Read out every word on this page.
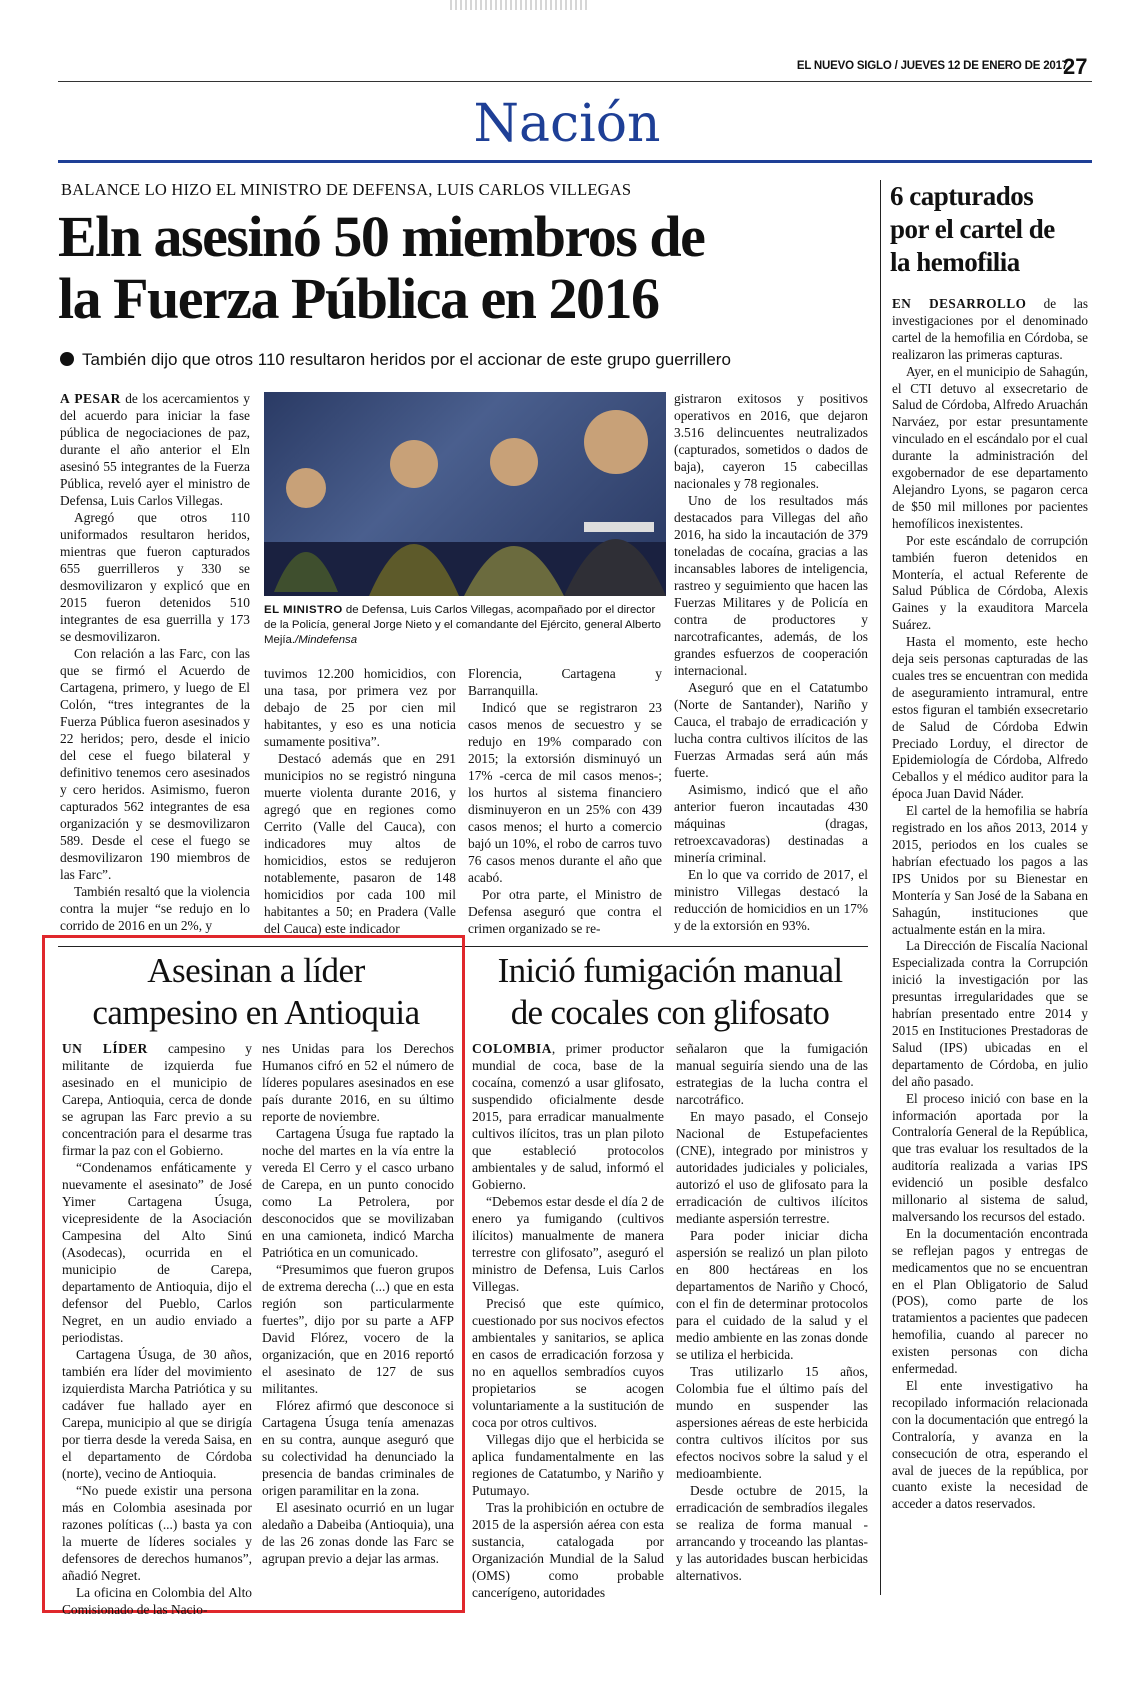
EL NUEVO SIGLO / JUEVES 12 DE ENERO DE 2017
27
Nación
BALANCE LO HIZO EL MINISTRO DE DEFENSA, LUIS CARLOS VILLEGAS
Eln asesinó 50 miembros de
la Fuerza Pública en 2016
También dijo que otros 110 resultaron heridos por el accionar de este grupo guerrillero

A PESAR de los acercamientos y del acuerdo para iniciar la fase pública de negociaciones de paz, durante el año anterior el Eln asesinó 55 integrantes de la Fuerza Pública, reveló ayer el ministro de Defensa, Luis Carlos Villegas.

Agregó que otros 110 uniformados resultaron heridos, mientras que fueron capturados 655 guerrilleros y 330 se desmovilizaron y explicó que en 2015 fueron detenidos 510 integrantes de esa guerrilla y 173 se desmovilizaron.

Con relación a las Farc, con las que se firmó el Acuerdo de Cartagena, primero, y luego de El Colón, “tres integrantes de la Fuerza Pública fueron asesinados y 22 heridos; pero, desde el inicio del cese el fuego bilateral y definitivo tenemos cero asesinados y cero heridos. Asimismo, fueron capturados 562 integrantes de esa organización y se desmovilizaron 589. Desde el cese el fuego se desmovilizaron 190 miembros de las Farc”.

También resaltó que la violencia contra la mujer “se redujo en lo corrido de 2016 en un 2%, y

EL MINISTRO de Defensa, Luis Carlos Villegas, acompañado por el director de la Policía, general Jorge Nieto y el comandante del Ejército, general Alberto Mejía./Mindefensa

tuvimos 12.200 homicidios, con una tasa, por primera vez por debajo de 25 por cien mil habitantes, y eso es una noticia sumamente positiva”.

Destacó además que en 291 municipios no se registró ninguna muerte violenta durante 2016, y agregó que en regiones como Cerrito (Valle del Cauca), con indicadores muy altos de homicidios, estos se redujeron notablemente, pasaron de 148 homicidios por cada 100 mil habitantes a 50; en Pradera (Valle del Cauca) este indicador

Florencia, Cartagena y Barranquilla.

Indicó que se registraron 23 casos menos de secuestro y se redujo en 19% comparado con 2015; la extorsión disminuyó un 17% -cerca de mil casos menos-; los hurtos al sistema financiero disminuyeron en un 25% con 439 casos menos; el hurto a comercio bajó un 10%, el robo de carros tuvo 76 casos menos durante el año que acabó.

Por otra parte, el Ministro de Defensa aseguró que contra el crimen organizado se re-

gistraron exitosos y positivos operativos en 2016, que dejaron 3.516 delincuentes neutralizados (capturados, sometidos o dados de baja), cayeron 15 cabecillas nacionales y 78 regionales.

Uno de los resultados más destacados para Villegas del año 2016, ha sido la incautación de 379 toneladas de cocaína, gracias a las incansables labores de inteligencia, rastreo y seguimiento que hacen las Fuerzas Militares y de Policía en contra de productores y narcotraficantes, además, de los grandes esfuerzos de cooperación internacional.

Aseguró que en el Catatumbo (Norte de Santander), Nariño y Cauca, el trabajo de erradicación y lucha contra cultivos ilícitos de las Fuerzas Armadas será aún más fuerte.

Asimismo, indicó que el año anterior fueron incautadas 430 máquinas (dragas, retroexcavadoras) destinadas a minería criminal.

En lo que va corrido de 2017, el ministro Villegas destacó la reducción de homicidios en un 17% y de la extorsión en 93%.

6 capturados
por el cartel de
la hemofilia

EN DESARROLLO de las investigaciones por el denominado cartel de la hemofilia en Córdoba, se realizaron las primeras capturas.

Ayer, en el municipio de Sahagún, el CTI detuvo al exsecretario de Salud de Córdoba, Alfredo Aruachán Narváez, por estar presuntamente vinculado en el escándalo por el cual durante la administración del exgobernador de ese departamento Alejandro Lyons, se pagaron cerca de $50 mil millones por pacientes hemofílicos inexistentes.

Por este escándalo de corrupción también fueron detenidos en Montería, el actual Referente de Salud Pública de Córdoba, Alexis Gaines y la exauditora Marcela Suárez.

Hasta el momento, este hecho deja seis personas capturadas de las cuales tres se encuentran con medida de aseguramiento intramural, entre estos figuran el también exsecretario de Salud de Córdoba Edwin Preciado Lorduy, el director de Epidemiología de Córdoba, Alfredo Ceballos y el médico auditor para la época Juan David Náder.

El cartel de la hemofilia se habría registrado en los años 2013, 2014 y 2015, periodos en los cuales se habrían efectuado los pagos a las IPS Unidos por su Bienestar en Montería y San José de la Sabana en Sahagún, instituciones que actualmente están en la mira.

La Dirección de Fiscalía Nacional Especializada contra la Corrupción inició la investigación por las presuntas irregularidades que se habrían presentado entre 2014 y 2015 en Instituciones Prestadoras de Salud (IPS) ubicadas en el departamento de Córdoba, en julio del año pasado.

El proceso inició con base en la información aportada por la Contraloría General de la República, que tras evaluar los resultados de la auditoría realizada a varias IPS evidenció un posible desfalco millonario al sistema de salud, malversando los recursos del estado.

En la documentación encontrada se reflejan pagos y entregas de medicamentos que no se encuentran en el Plan Obligatorio de Salud (POS), como parte de los tratamientos a pacientes que padecen hemofilia, cuando al parecer no existen personas con dicha enfermedad.

El ente investigativo ha recopilado información relacionada con la documentación que entregó la Contraloría, y avanza en la consecución de otra, esperando el aval de jueces de la república, por cuanto existe la necesidad de acceder a datos reservados.

Asesinan a líder
campesino en Antioquia

UN LÍDER campesino y militante de izquierda fue asesinado en el municipio de Carepa, Antioquia, cerca de donde se agrupan las Farc previo a su concentración para el desarme tras firmar la paz con el Gobierno.

“Condenamos enfáticamente y nuevamente el asesinato” de José Yimer Cartagena Úsuga, vicepresidente de la Asociación Campesina del Alto Sinú (Asodecas), ocurrida en el municipio de Carepa, departamento de Antioquia, dijo el defensor del Pueblo, Carlos Negret, en un audio enviado a periodistas.

Cartagena Úsuga, de 30 años, también era líder del movimiento izquierdista Marcha Patriótica y su cadáver fue hallado ayer en Carepa, municipio al que se dirigía por tierra desde la vereda Saisa, en el departamento de Córdoba (norte), vecino de Antioquia.

“No puede existir una persona más en Colombia asesinada por razones políticas (...) basta ya con la muerte de líderes sociales y defensores de derechos humanos”, añadió Negret.

La oficina en Colombia del Alto Comisionado de las Nacio-

nes Unidas para los Derechos Humanos cifró en 52 el número de líderes populares asesinados en ese país durante 2016, en su último reporte de noviembre.

Cartagena Úsuga fue raptado la noche del martes en la vía entre la vereda El Cerro y el casco urbano de Carepa, en un punto conocido como La Petrolera, por desconocidos que se movilizaban en una camioneta, indicó Marcha Patriótica en un comunicado.

“Presumimos que fueron grupos de extrema derecha (...) que en esta región son particularmente fuertes”, dijo por su parte a AFP David Flórez, vocero de la organización, que en 2016 reportó el asesinato de 127 de sus militantes.

Flórez afirmó que desconoce si Cartagena Úsuga tenía amenazas en su contra, aunque aseguró que su colectividad ha denunciado la presencia de bandas criminales de origen paramilitar en la zona.

El asesinato ocurrió en un lugar aledaño a Dabeiba (Antioquia), una de las 26 zonas donde las Farc se agrupan previo a dejar las armas.

Inició fumigación manual
de cocales con glifosato

COLOMBIA, primer productor mundial de coca, base de la cocaína, comenzó a usar glifosato, suspendido oficialmente desde 2015, para erradicar manualmente cultivos ilícitos, tras un plan piloto que estableció protocolos ambientales y de salud, informó el Gobierno.

“Debemos estar desde el día 2 de enero ya fumigando (cultivos ilícitos) manualmente de manera terrestre con glifosato”, aseguró el ministro de Defensa, Luis Carlos Villegas.

Precisó que este químico, cuestionado por sus nocivos efectos ambientales y sanitarios, se aplica en casos de erradicación forzosa y no en aquellos sembradíos cuyos propietarios se acogen voluntariamente a la sustitución de coca por otros cultivos.

Villegas dijo que el herbicida se aplica fundamentalmente en las regiones de Catatumbo, y Nariño y Putumayo.

Tras la prohibición en octubre de 2015 de la aspersión aérea con esta sustancia, catalogada por Organización Mundial de la Salud (OMS) como probable cancerígeno, autoridades

señalaron que la fumigación manual seguiría siendo una de las estrategias de la lucha contra el narcotráfico.

En mayo pasado, el Consejo Nacional de Estupefacientes (CNE), integrado por ministros y autoridades judiciales y policiales, autorizó el uso de glifosato para la erradicación de cultivos ilícitos mediante aspersión terrestre.

Para poder iniciar dicha aspersión se realizó un plan piloto en 800 hectáreas en los departamentos de Nariño y Chocó, con el fin de determinar protocolos para el cuidado de la salud y el medio ambiente en las zonas donde se utiliza el herbicida.

Tras utilizarlo 15 años, Colombia fue el último país del mundo en suspender las aspersiones aéreas de este herbicida contra cultivos ilícitos por sus efectos nocivos sobre la salud y el medioambiente.

Desde octubre de 2015, la erradicación de sembradíos ilegales se realiza de forma manual -arrancando y troceando las plantas- y las autoridades buscan herbicidas alternativos.
